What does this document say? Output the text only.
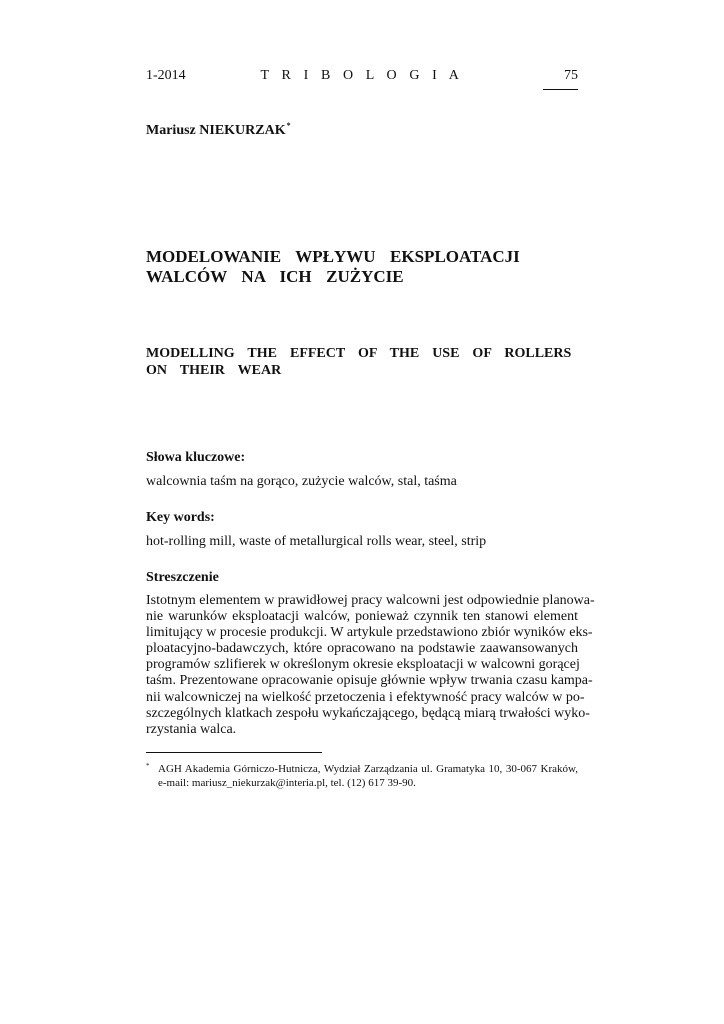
1-2014	T R I B O L O G I A	75
Mariusz NIEKURZAK*
MODELOWANIE  WPŁYWU  EKSPLOATACJI
WALCÓW  NA  ICH  ZUŻYCIE
MODELLING  THE  EFFECT  OF  THE  USE  OF  ROLLERS
ON  THEIR  WEAR
Słowa kluczowe:
walcownia taśm na gorąco, zużycie walców, stal, taśma
Key words:
hot-rolling mill, waste of metallurgical rolls wear, steel, strip
Streszczenie
Istotnym elementem w prawidłowej pracy walcowni jest odpowiednie planowa-
nie warunków eksploatacji walców, ponieważ czynnik ten stanowi element
limitujący w procesie produkcji. W artykule przedstawiono zbiór wyników eks-
ploatacyjno-badawczych, które opracowano na podstawie zaawansowanych
programów szlifierek w określonym okresie eksploatacji w walcowni gorącej
taśm. Prezentowane opracowanie opisuje głównie wpływ trwania czasu kampa-
nii walcowniczej na wielkość przetoczenia i efektywność pracy walców w po-
szczególnych klatkach zespołu wykańczającego, będącą miarą trwałości wyko-
rzystania walca.
* AGH Akademia Górniczo-Hutnicza, Wydział Zarządzania ul. Gramatyka 10, 30-067 Kraków,
e-mail: mariusz_niekurzak@interia.pl, tel. (12) 617 39-90.
